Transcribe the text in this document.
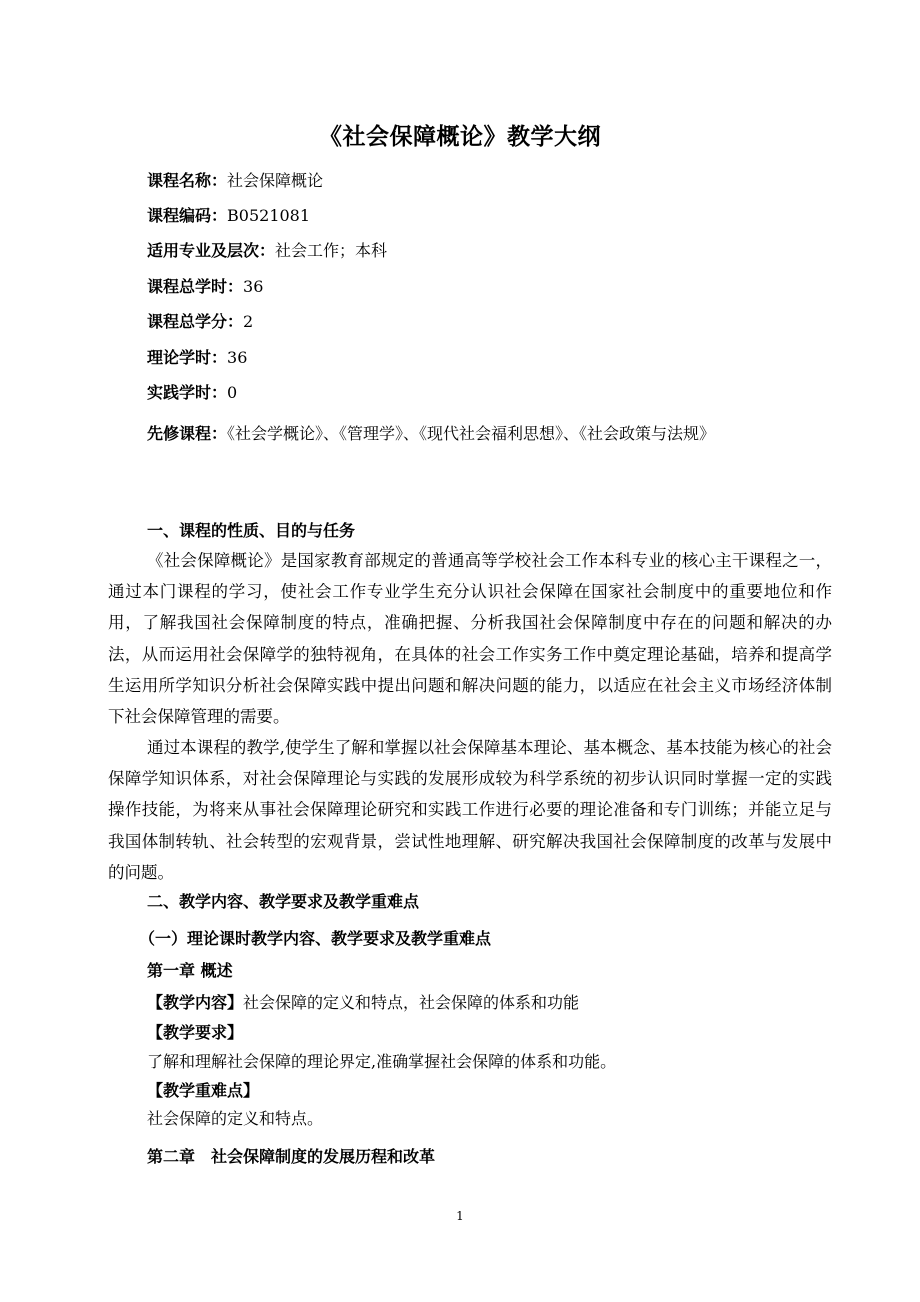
《社会保障概论》教学大纲
课程名称：社会保障概论
课程编码：B0521081
适用专业及层次：社会工作；本科
课程总学时：36
课程总学分：2
理论学时：36
实践学时：0
先修课程：《社会学概论》、《管理学》、《现代社会福利思想》、《社会政策与法规》
一、课程的性质、目的与任务
《社会保障概论》是国家教育部规定的普通高等学校社会工作本科专业的核心主干课程之一，通过本门课程的学习，使社会工作专业学生充分认识社会保障在国家社会制度中的重要地位和作用，了解我国社会保障制度的特点，准确把握、分析我国社会保障制度中存在的问题和解决的办法，从而运用社会保障学的独特视角，在具体的社会工作实务工作中奠定理论基础，培养和提高学生运用所学知识分析社会保障实践中提出问题和解决问题的能力，以适应在社会主义市场经济体制下社会保障管理的需要。
通过本课程的教学,使学生了解和掌握以社会保障基本理论、基本概念、基本技能为核心的社会保障学知识体系，对社会保障理论与实践的发展形成较为科学系统的初步认识同时掌握一定的实践操作技能，为将来从事社会保障理论研究和实践工作进行必要的理论准备和专门训练；并能立足与我国体制转轨、社会转型的宏观背景，尝试性地理解、研究解决我国社会保障制度的改革与发展中的问题。
二、教学内容、教学要求及教学重难点
（一）理论课时教学内容、教学要求及教学重难点
第一章 概述
【教学内容】社会保障的定义和特点，社会保障的体系和功能
【教学要求】
了解和理解社会保障的理论界定,准确掌握社会保障的体系和功能。
【教学重难点】
社会保障的定义和特点。
第二章　社会保障制度的发展历程和改革
1
